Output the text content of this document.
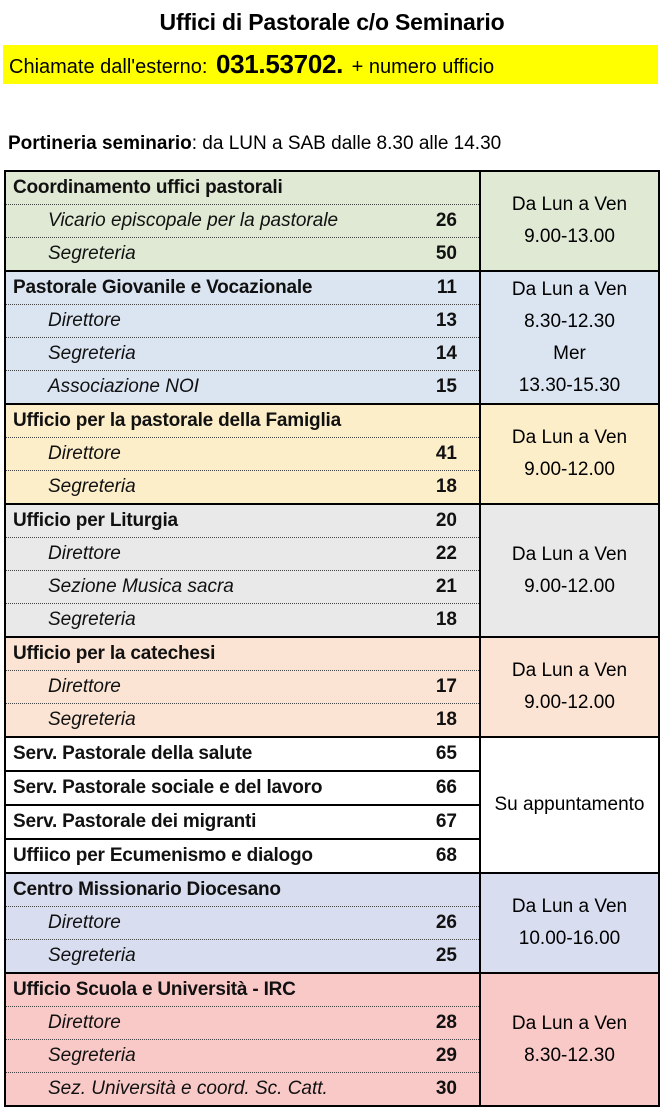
Uffici di Pastorale c/o Seminario
Chiamate dall'esterno: 031.53702. + numero ufficio

Portineria seminario: da LUN a SAB dalle 8.30 alle 14.30

Coordinamento uffici pastorali
Vicario episcopale per la pastorale	26
Segreteria	50
Da Lun a Ven
9.00-13.00
Pastorale Giovanile e Vocazionale	11
Direttore	13
Segreteria	14
Associazione NOI	15
Da Lun a Ven
8.30-12.30
Mer
13.30-15.30
Ufficio per la pastorale della Famiglia
Direttore	41
Segreteria	18
Da Lun a Ven
9.00-12.00
Ufficio per Liturgia	20
Direttore	22
Sezione Musica sacra	21
Segreteria	18
Da Lun a Ven
9.00-12.00
Ufficio per la catechesi
Direttore	17
Segreteria	18
Da Lun a Ven
9.00-12.00
Serv. Pastorale della salute	65
Serv. Pastorale sociale e del lavoro	66
Serv. Pastorale dei migranti	67
Uffiico per Ecumenismo e dialogo	68
Su appuntamento
Centro Missionario Diocesano
Direttore	26
Segreteria	25
Da Lun a Ven
10.00-16.00
Ufficio Scuola e Università - IRC
Direttore	28
Segreteria	29
Sez. Università e coord. Sc. Catt.	30
Da Lun a Ven
8.30-12.30
